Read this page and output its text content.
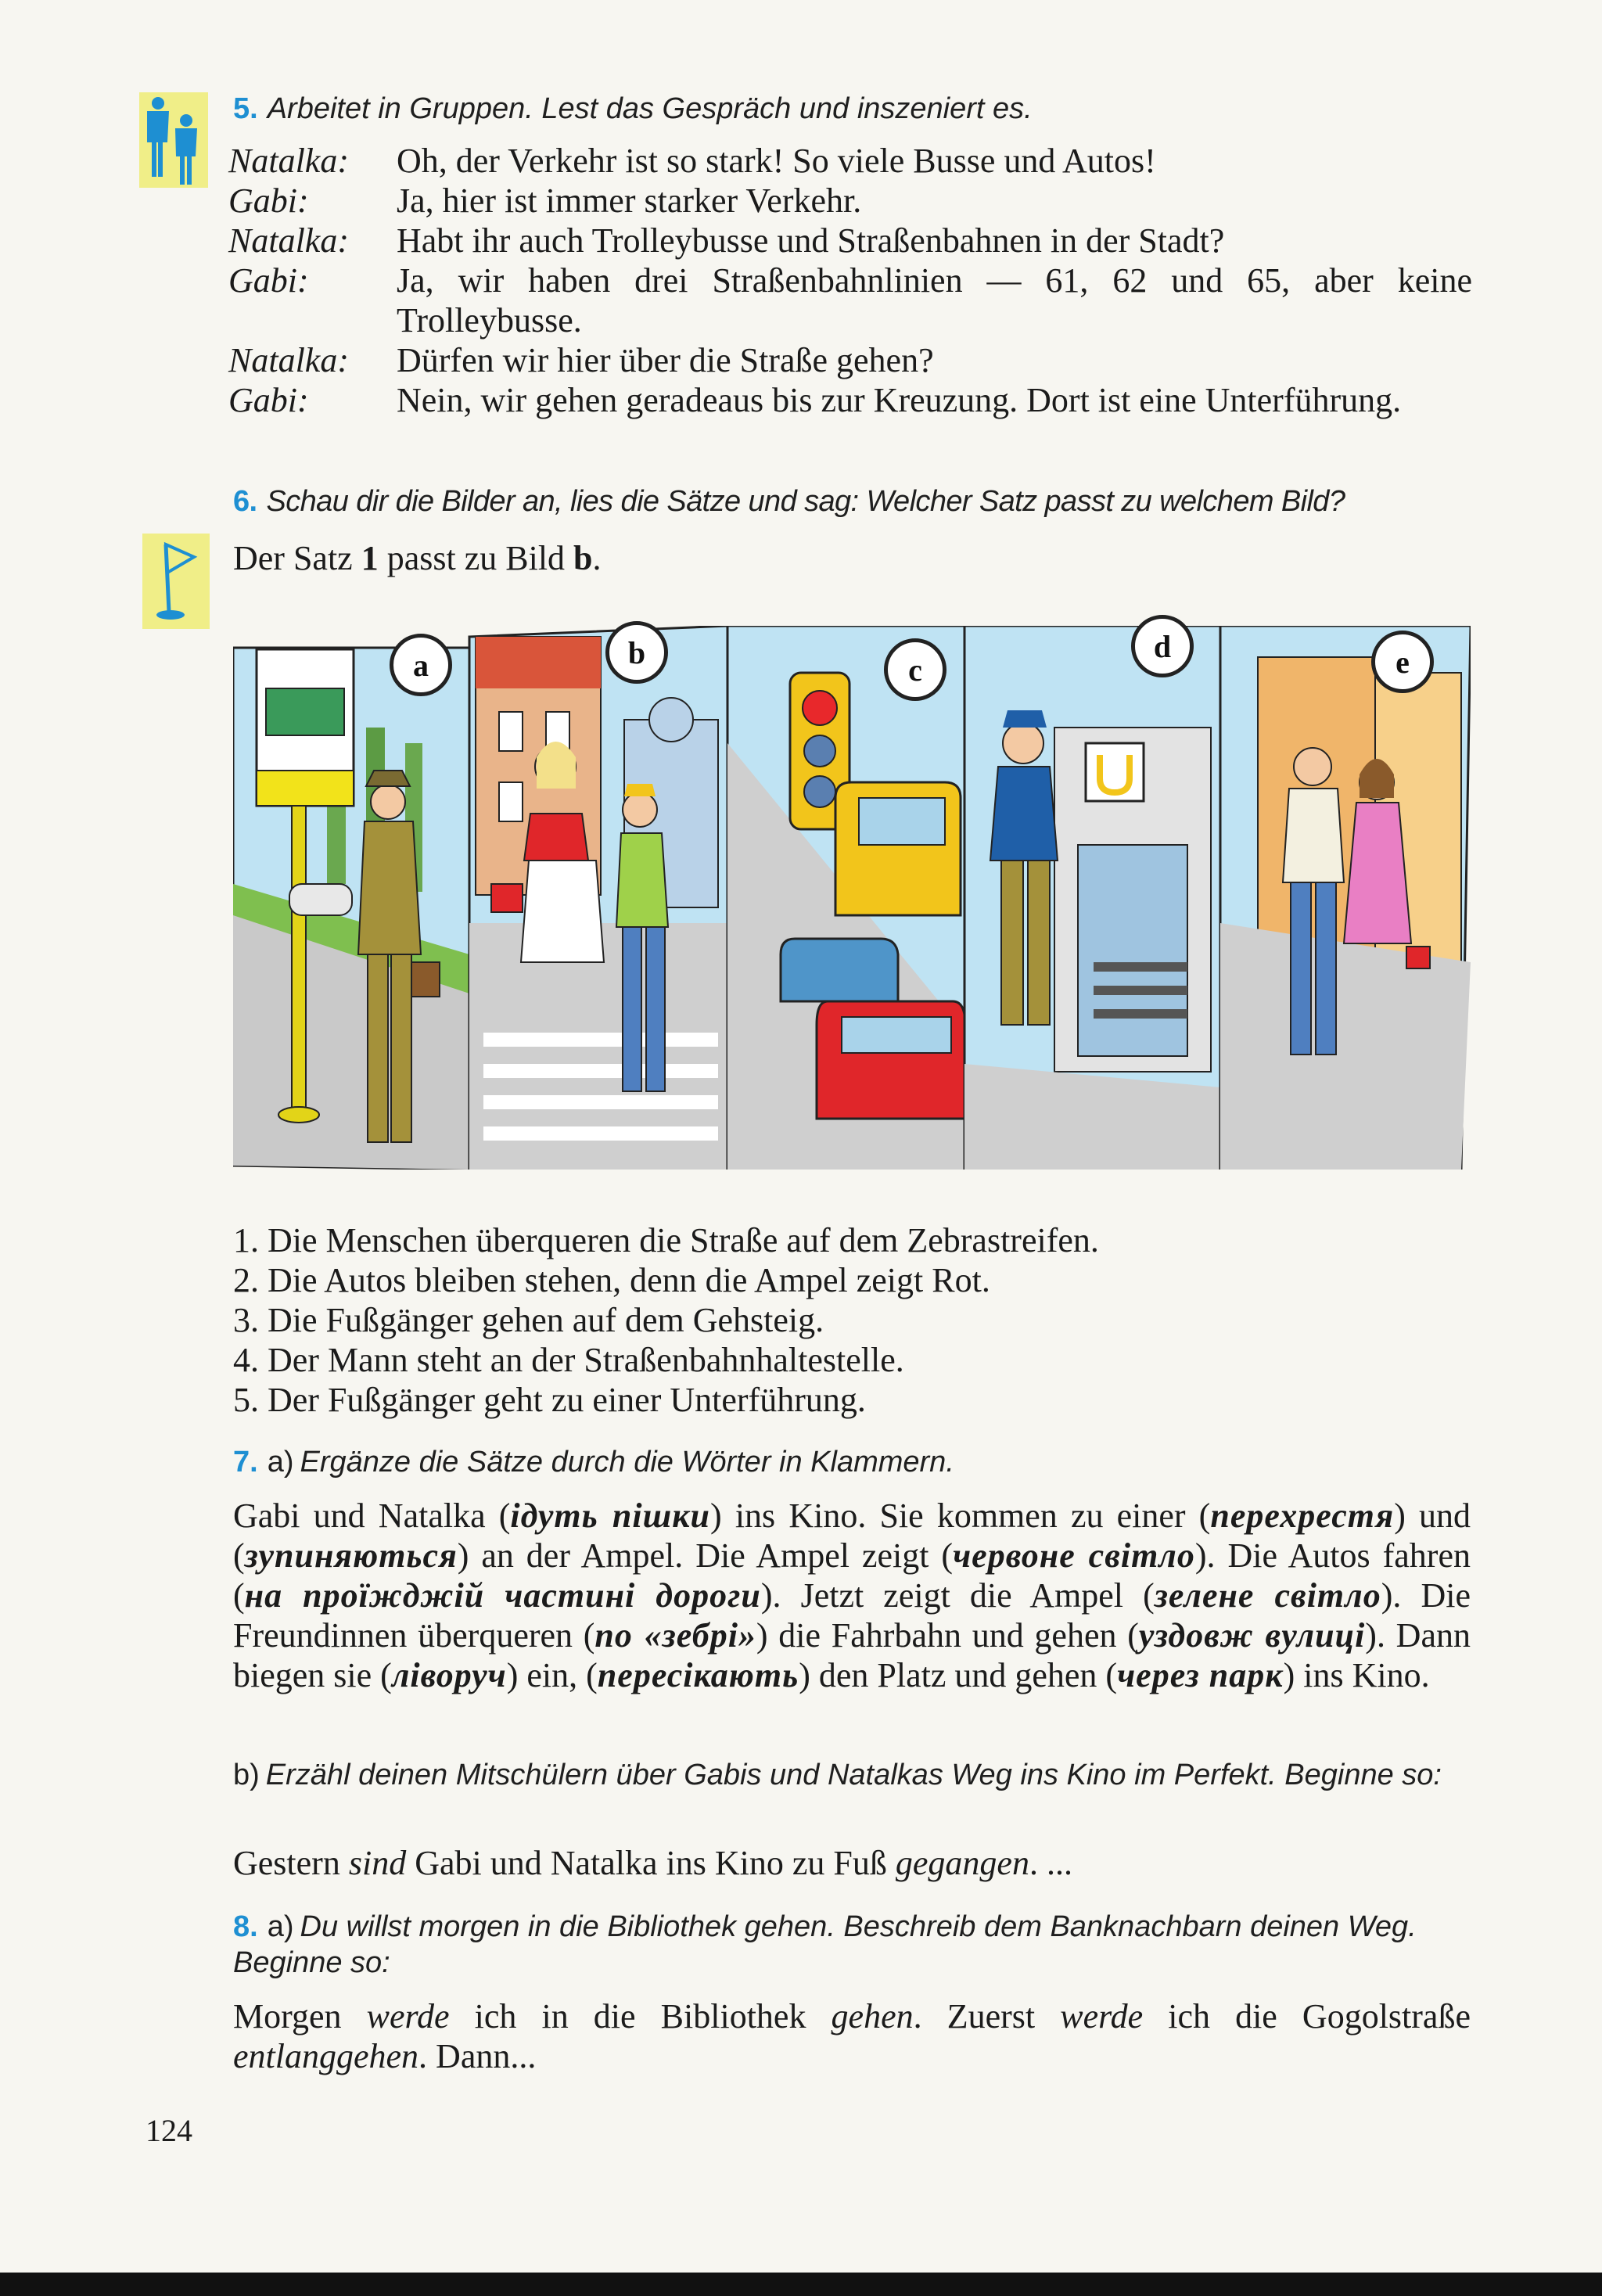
5. Arbeitet in Gruppen. Lest das Gespräch und inszeniert es.
Natalka:	Oh, der Verkehr ist so stark! So viele Busse und Autos!
Gabi:	Ja, hier ist immer starker Verkehr.
Natalka:	Habt ihr auch Trolleybusse und Straßenbahnen in der Stadt?
Gabi:	Ja, wir haben drei Straßenbahnlinien — 61, 62 und 65, aber keine Trolleybusse.
Natalka:	Dürfen wir hier über die Straße gehen?
Gabi:	Nein, wir gehen geradeaus bis zur Kreuzung. Dort ist eine Unterführung.
6. Schau dir die Bilder an, lies die Sätze und sag: Welcher Satz passt zu welchem Bild?
Der Satz 1 passt zu Bild b.
a	b	c
d	e
1. Die Menschen überqueren die Straße auf dem Zebrastreifen.
2. Die Autos bleiben stehen, denn die Ampel zeigt Rot.
3. Die Fußgänger gehen auf dem Gehsteig.
4. Der Mann steht an der Straßenbahnhaltestelle.
5. Der Fußgänger geht zu einer Unterführung.
7. a) Ergänze die Sätze durch die Wörter in Klammern.
Gabi und Natalka (ідуть пішки) ins Kino. Sie kommen zu einer (перехрестя) und (зупиняються) an der Ampel. Die Ampel zeigt (червоне світло). Die Autos fahren (на проїжджій частині дороги). Jetzt zeigt die Ampel (зелене світло). Die Freundinnen überqueren (по «зебрі») die Fahrbahn und gehen (уздовж вулиці). Dann biegen sie (ліворуч) ein, (пересікають) den Platz und gehen (через парк) ins Kino.
b) Erzähl deinen Mitschülern über Gabis und Natalkas Weg ins Kino im Perfekt. Beginne so:
Gestern sind Gabi und Natalka ins Kino zu Fuß gegangen. ...
8. a) Du willst morgen in die Bibliothek gehen. Beschreib dem Banknachbarn deinen Weg. Beginne so:
Morgen werde ich in die Bibliothek gehen. Zuerst werde ich die Gogolstraße entlanggehen. Dann...
124
